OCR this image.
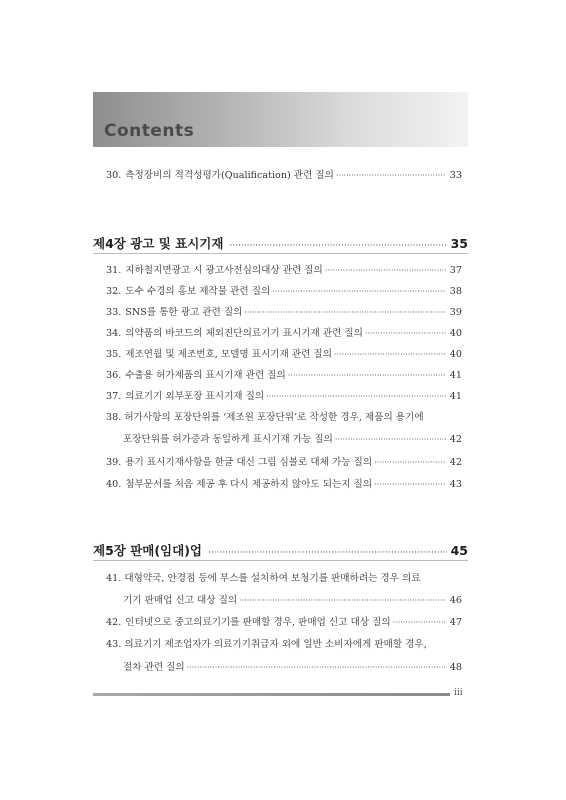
Contents
30. 측정장비의 적격성평가(Qualification) 관련 질의 ·····	33
제4장 광고 및 표시기재 ·····	35
31. 지하철지면광고 시 광고사전심의대상 관련 질의 ·····	37
32. 도수 수경의 홍보 제작물 관련 질의 ·····	38
33. SNS를 통한 광고 관련 질의 ·····	39
34. 의약품의 바코드의 체외진단의료기기 표시기재 관련 질의 ·····	40
35. 제조연월 및 제조번호, 모델명 표시기재 관련 질의 ·····	40
36. 수출용 허가제품의 표시기재 관련 질의 ·····	41
37. 의료기기 외부포장 표시기재 질의 ·····	41
38. 허가사항의 포장단위를 ‘제조원 포장단위’로 작성한 경우, 제품의 용기에
포장단위를 허가증과 동일하게 표시기재 가능 질의 ·····	42
39. 용기 표시기재사항을 한글 대신 그림 심볼로 대체 가능 질의 ·····	42
40. 첨부문서를 처음 제공 후 다시 제공하지 않아도 되는지 질의 ·····	43
제5장 판매(임대)업 ·····	45
41. 대형약국, 안경점 등에 부스를 설치하여 보청기를 판매하려는 경우 의료
기기 판매업 신고 대상 질의 ·····	46
42. 인터넷으로 중고의료기기를 판매할 경우, 판매업 신고 대상 질의 ·····	47
43. 의료기기 제조업자가 의료기기취급자 외에 일반 소비자에게 판매할 경우,
절차 관련 질의 ·····	48
iii
